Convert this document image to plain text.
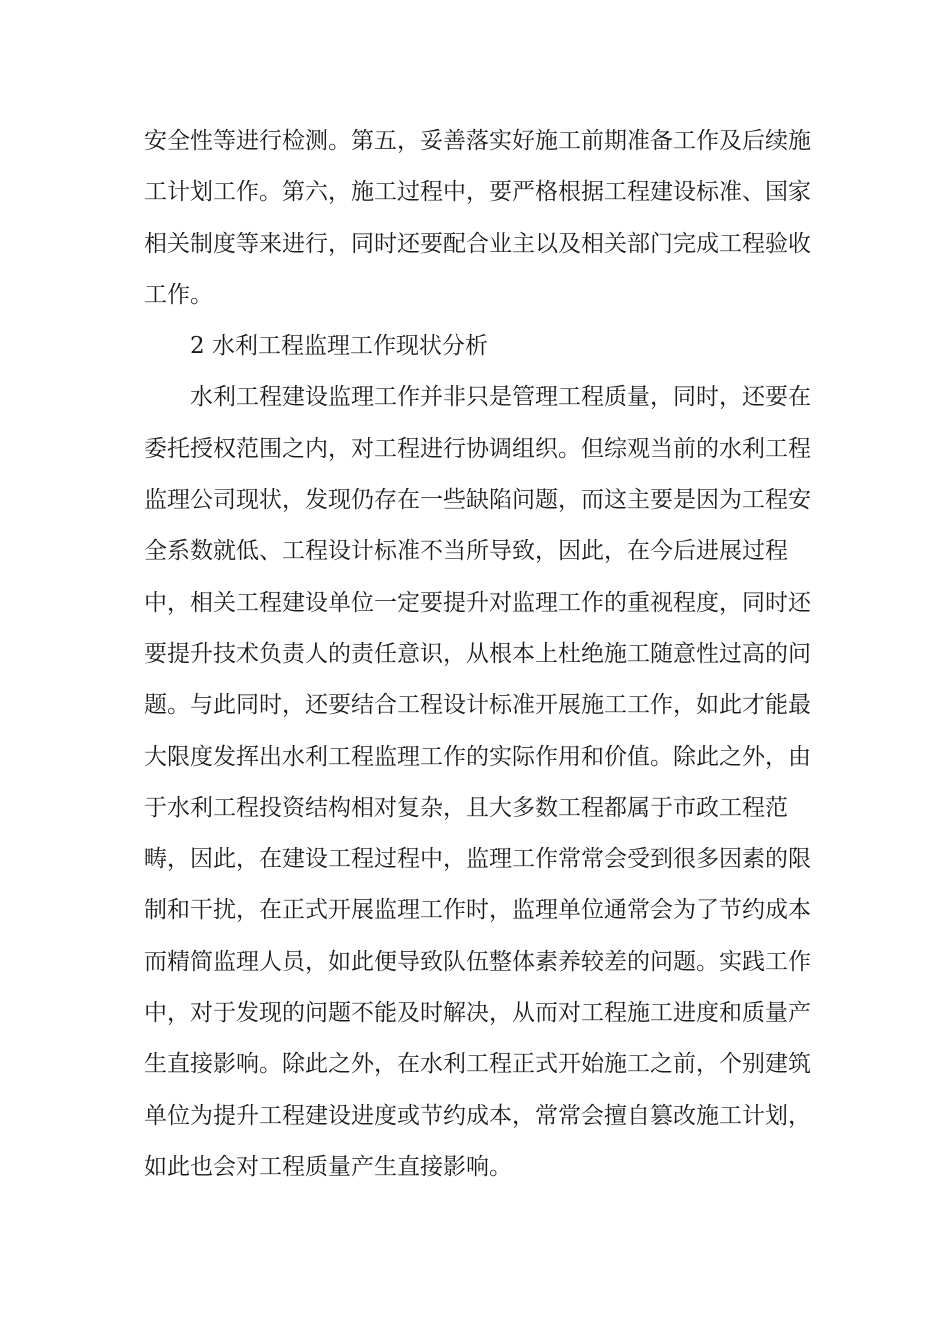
安全性等进行检测。第五，妥善落实好施工前期准备工作及后续施
工计划工作。第六，施工过程中，要严格根据工程建设标准、国家
相关制度等来进行，同时还要配合业主以及相关部门完成工程验收
工作。
2 水利工程监理工作现状分析
水利工程建设监理工作并非只是管理工程质量，同时，还要在
委托授权范围之内，对工程进行协调组织。但综观当前的水利工程
监理公司现状，发现仍存在一些缺陷问题，而这主要是因为工程安
全系数就低、工程设计标准不当所导致，因此，在今后进展过程
中，相关工程建设单位一定要提升对监理工作的重视程度，同时还
要提升技术负责人的责任意识，从根本上杜绝施工随意性过高的问
题。与此同时，还要结合工程设计标准开展施工工作，如此才能最
大限度发挥出水利工程监理工作的实际作用和价值。除此之外，由
于水利工程投资结构相对复杂，且大多数工程都属于市政工程范
畴，因此，在建设工程过程中，监理工作常常会受到很多因素的限
制和干扰，在正式开展监理工作时，监理单位通常会为了节约成本
而精简监理人员，如此便导致队伍整体素养较差的问题。实践工作
中，对于发现的问题不能及时解决，从而对工程施工进度和质量产
生直接影响。除此之外，在水利工程正式开始施工之前，个别建筑
单位为提升工程建设进度或节约成本，常常会擅自篡改施工计划，
如此也会对工程质量产生直接影响。
